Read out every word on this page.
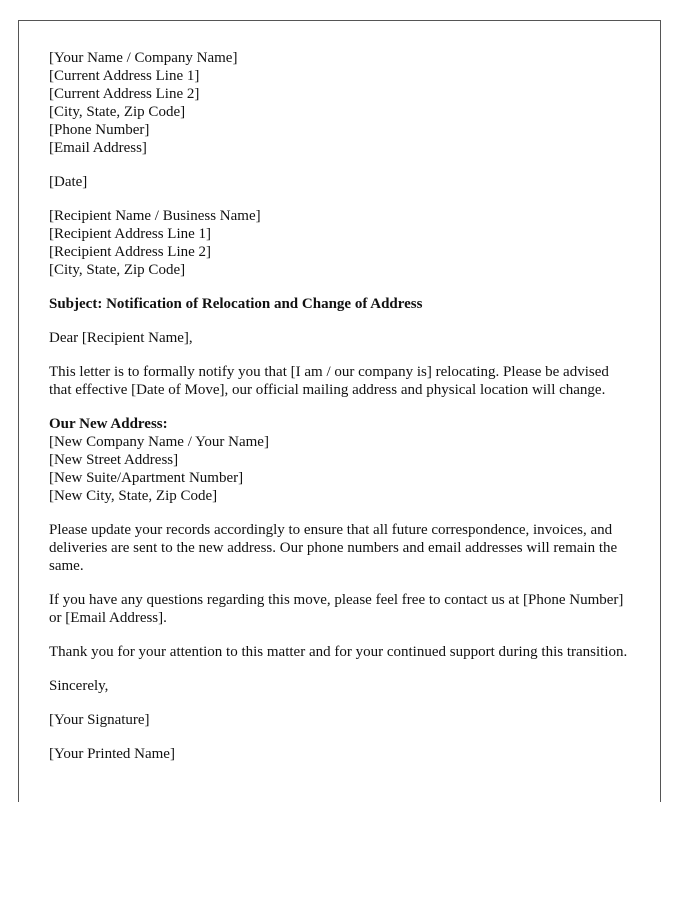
[Your Name / Company Name]
[Current Address Line 1]
[Current Address Line 2]
[City, State, Zip Code]
[Phone Number]
[Email Address]

[Date]

[Recipient Name / Business Name]
[Recipient Address Line 1]
[Recipient Address Line 2]
[City, State, Zip Code]

Subject: Notification of Relocation and Change of Address

Dear [Recipient Name],

This letter is to formally notify you that [I am / our company is] relocating. Please be advised that effective [Date of Move], our official mailing address and physical location will change.

Our New Address:
[New Company Name / Your Name]
[New Street Address]
[New Suite/Apartment Number]
[New City, State, Zip Code]

Please update your records accordingly to ensure that all future correspondence, invoices, and deliveries are sent to the new address. Our phone numbers and email addresses will remain the same.

If you have any questions regarding this move, please feel free to contact us at [Phone Number] or [Email Address].

Thank you for your attention to this matter and for your continued support during this transition.

Sincerely,

[Your Signature]

[Your Printed Name]
